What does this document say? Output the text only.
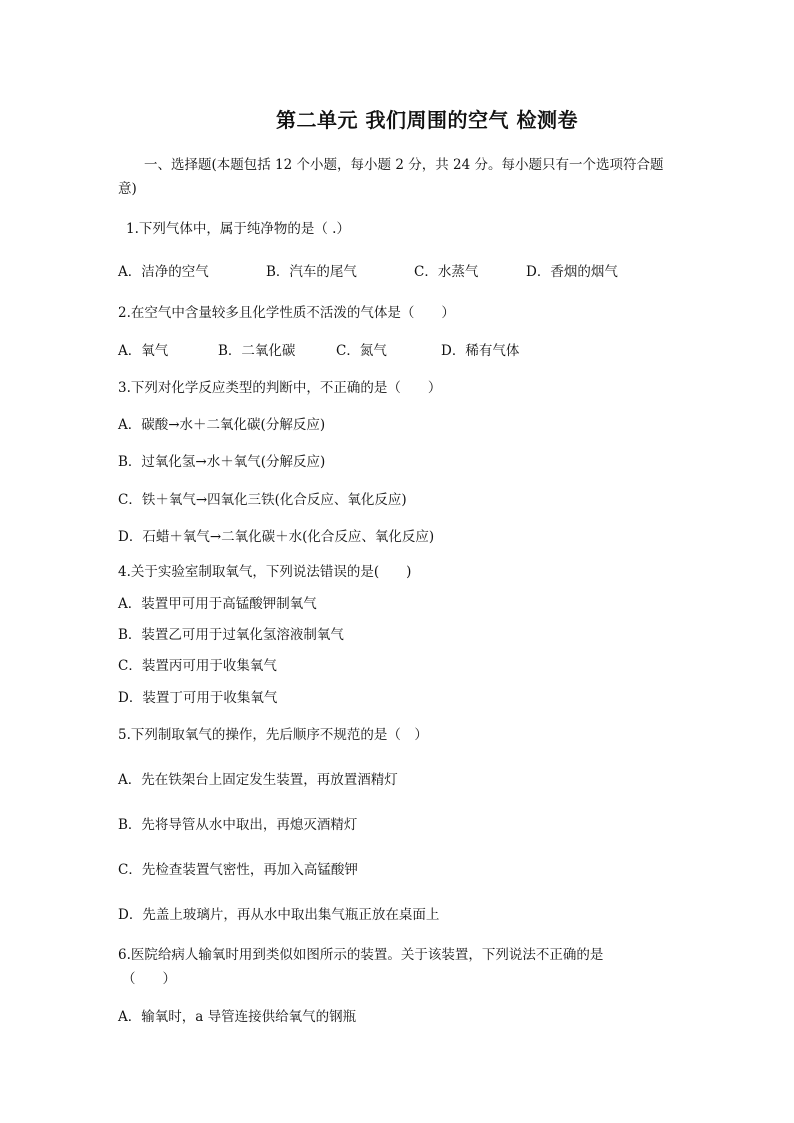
第二单元 我们周围的空气 检测卷
一、选择题(本题包括 12 个小题，每小题 2 分，共 24 分。每小题只有一个选项符合题意)
1.下列气体中，属于纯净物的是（ .）
A．洁净的空气	B．汽车的尾气	C．水蒸气	D．香烟的烟气
2.在空气中含量较多且化学性质不活泼的气体是（　　）
A．氧气	B．二氧化碳	C．氮气	D．稀有气体
3.下列对化学反应类型的判断中，不正确的是（　　）
A．碳酸→水＋二氧化碳(分解反应)
B．过氧化氢→水＋氧气(分解反应)
C．铁＋氧气→四氧化三铁(化合反应、氧化反应)
D．石蜡＋氧气→二氧化碳＋水(化合反应、氧化反应)
4.关于实验室制取氧气，下列说法错误的是(　　)
A．装置甲可用于高锰酸钾制氧气
B．装置乙可用于过氧化氢溶液制氧气
C．装置丙可用于收集氧气
D．装置丁可用于收集氧气
5.下列制取氧气的操作，先后顺序不规范的是（　）
A．先在铁架台上固定发生装置，再放置酒精灯
B．先将导管从水中取出，再熄灭酒精灯
C．先检查装置气密性，再加入高锰酸钾
D．先盖上玻璃片，再从水中取出集气瓶正放在桌面上
6.医院给病人输氧时用到类似如图所示的装置。关于该装置，下列说法不正确的是
（　　）
A．输氧时，a 导管连接供给氧气的钢瓶
